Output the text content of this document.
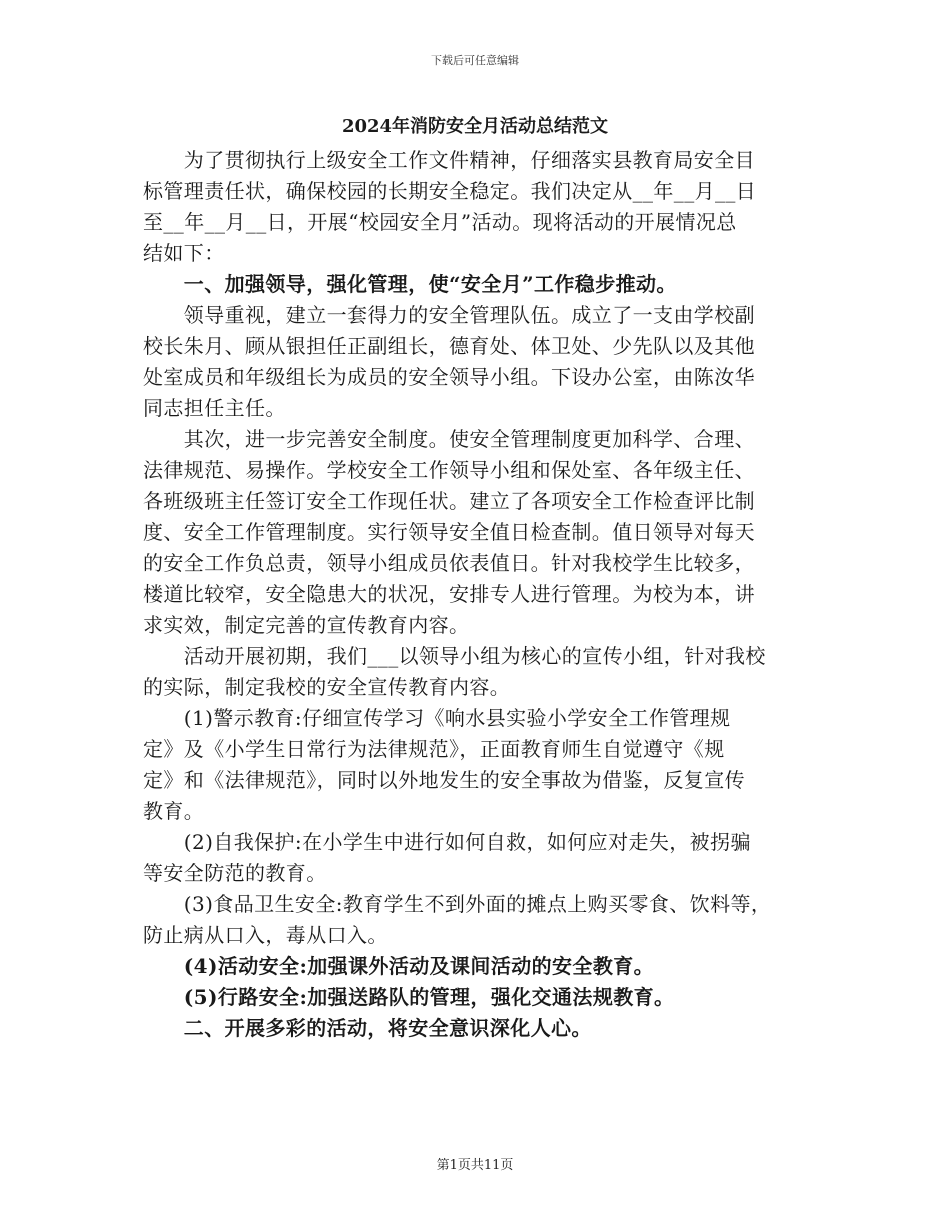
下载后可任意编辑
2024年消防安全月活动总结范文
　　为了贯彻执行上级安全工作文件精神，仔细落实县教育局安全目
标管理责任状，确保校园的长期安全稳定。我们决定从__年__月__日
至__年__月__日，开展“校园安全月”活动。现将活动的开展情况总
结如下：
　　一、加强领导，强化管理，使“安全月”工作稳步推动。
　　领导重视，建立一套得力的安全管理队伍。成立了一支由学校副
校长朱月、顾从银担任正副组长，德育处、体卫处、少先队以及其他
处室成员和年级组长为成员的安全领导小组。下设办公室，由陈汝华
同志担任主任。
　　其次，进一步完善安全制度。使安全管理制度更加科学、合理、
法律规范、易操作。学校安全工作领导小组和保处室、各年级主任、
各班级班主任签订安全工作现任状。建立了各项安全工作检查评比制
度、安全工作管理制度。实行领导安全值日检查制。值日领导对每天
的安全工作负总责，领导小组成员依表值日。针对我校学生比较多，
楼道比较窄，安全隐患大的状况，安排专人进行管理。为校为本，讲
求实效，制定完善的宣传教育内容。
　　活动开展初期，我们___以领导小组为核心的宣传小组，针对我校
的实际，制定我校的安全宣传教育内容。
　　(1)警示教育:仔细宣传学习《响水县实验小学安全工作管理规
定》及《小学生日常行为法律规范》，正面教育师生自觉遵守《规
定》和《法律规范》，同时以外地发生的安全事故为借鉴，反复宣传
教育。
　　(2)自我保护:在小学生中进行如何自救，如何应对走失，被拐骗
等安全防范的教育。
　　(3)食品卫生安全:教育学生不到外面的摊点上购买零食、饮料等，
防止病从口入，毒从口入。
　　(4)活动安全:加强课外活动及课间活动的安全教育。
　　(5)行路安全:加强送路队的管理，强化交通法规教育。
　　二、开展多彩的活动，将安全意识深化人心。
第1页共11页
